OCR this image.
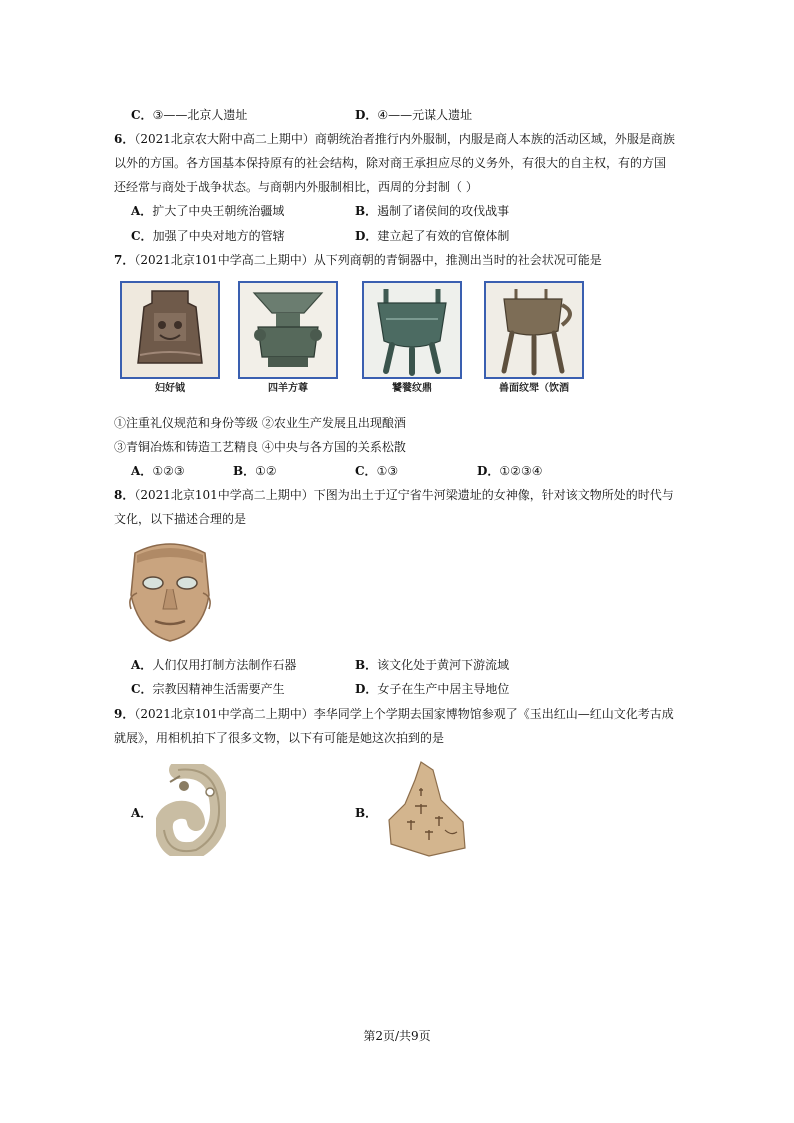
C．③——北京人遗址	D．④——元谋人遗址
6．（2021北京农大附中高二上期中）商朝统治者推行内外服制，内服是商人本族的活动区域，外服是商族
以外的方国。各方国基本保持原有的社会结构，除对商王承担应尽的义务外，有很大的自主权，有的方国
还经常与商处于战争状态。与商朝内外服制相比，西周的分封制（ ）
A．扩大了中央王朝统治疆域	B．遏制了诸侯间的攻伐战事
C．加强了中央对地方的管辖	D．建立起了有效的官僚体制
7．（2021北京101中学高二上期中）从下列商朝的青铜器中，推测出当时的社会状况可能是
妇好钺	四羊方尊	饕餮纹鼎	兽面纹斝（饮酒
①注重礼仪规范和身份等级 ②农业生产发展且出现酿酒
③青铜冶炼和铸造工艺精良 ④中央与各方国的关系松散
A．①②③	B．①②	C．①③	D．①②③④
8．（2021北京101中学高二上期中）下图为出土于辽宁省牛河梁遗址的女神像，针对该文物所处的时代与
文化，以下描述合理的是
A．人们仅用打制方法制作石器	B．该文化处于黄河下游流域
C．宗教因精神生活需要产生	D．女子在生产中居主导地位
9．（2021北京101中学高二上期中）李华同学上个学期去国家博物馆参观了《玉出红山—红山文化考古成
就展》，用相机拍下了很多文物，以下有可能是她这次拍到的是
A．	B．
第2页/共9页
